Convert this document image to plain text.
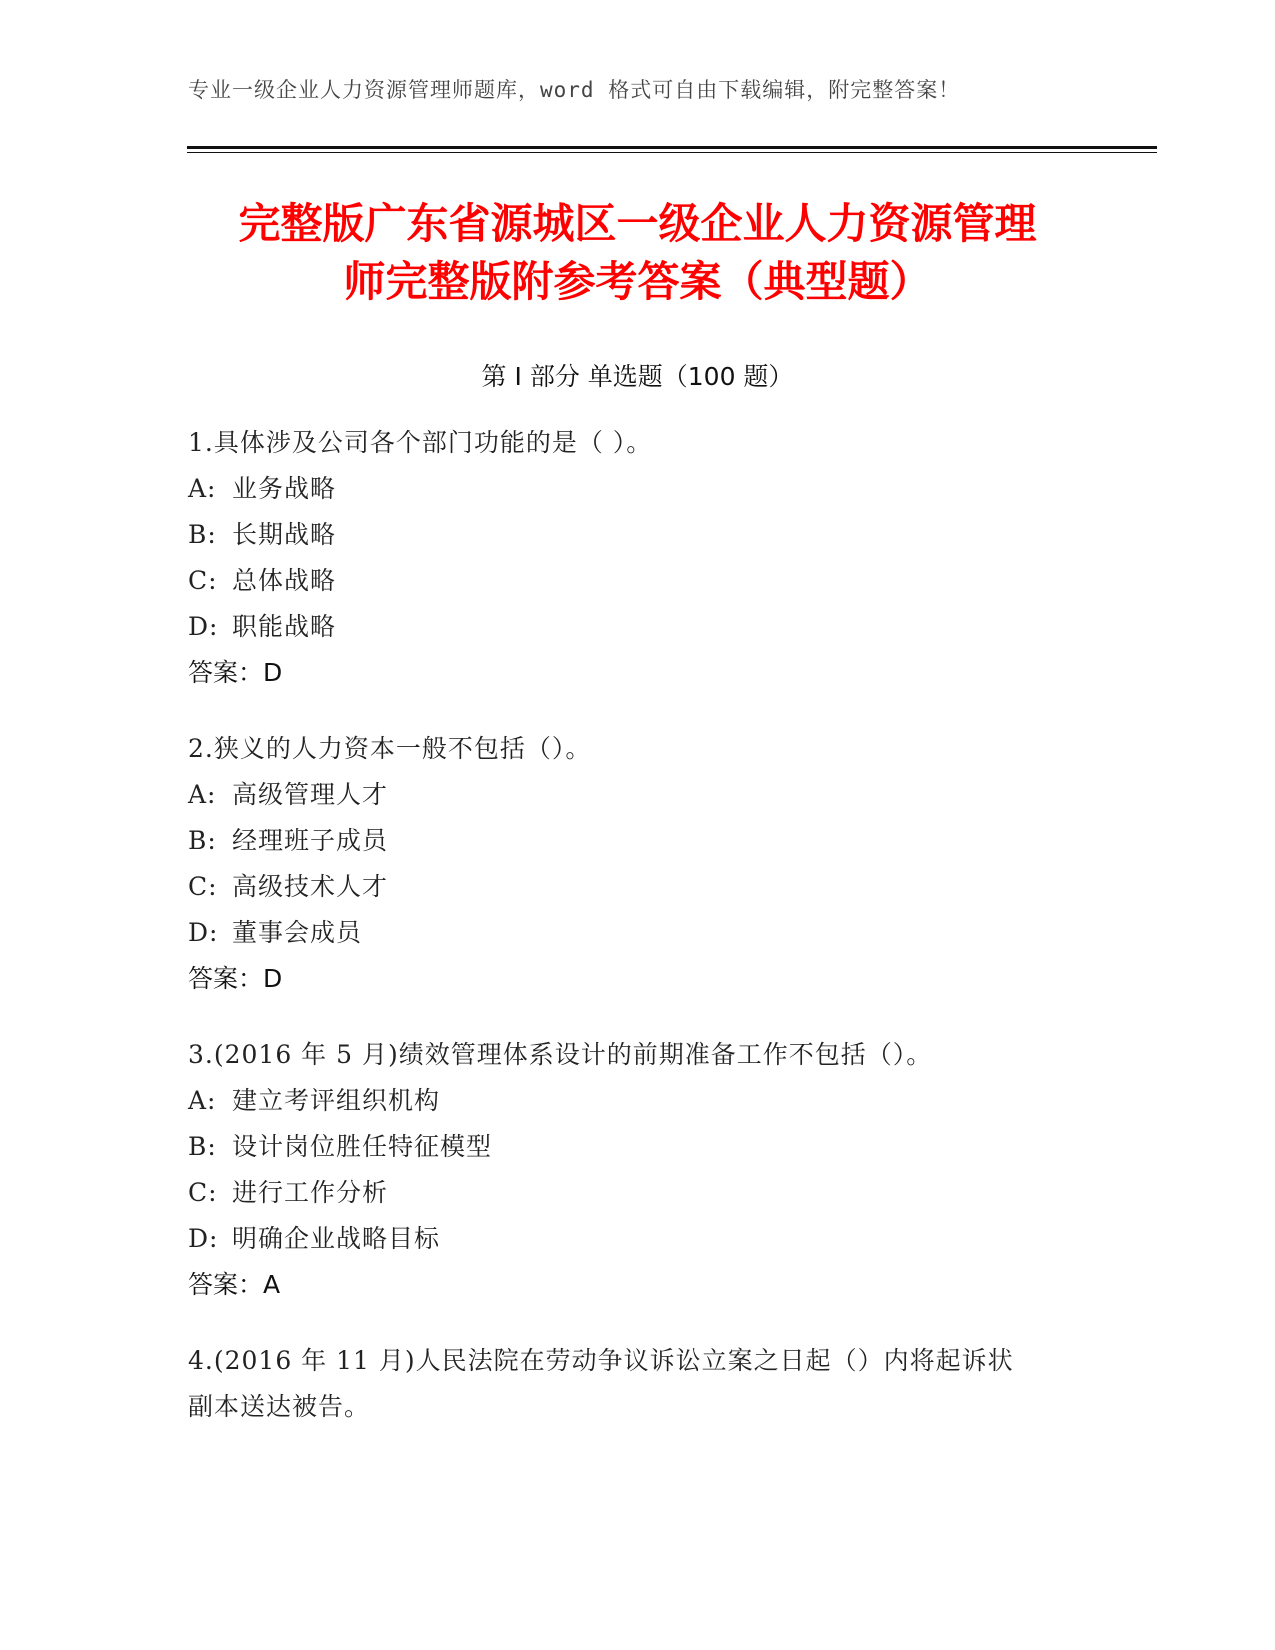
专业一级企业人力资源管理师题库，word 格式可自由下载编辑，附完整答案！
完整版广东省源城区一级企业人力资源管理
师完整版附参考答案（典型题）
第 I 部分 单选题（100 题）
1.具体涉及公司各个部门功能的是（ ）。
A: 业务战略
B: 长期战略
C: 总体战略
D: 职能战略
答案：D
2.狭义的人力资本一般不包括（）。
A: 高级管理人才
B: 经理班子成员
C: 高级技术人才
D: 董事会成员
答案：D
3.(2016 年 5 月)绩效管理体系设计的前期准备工作不包括（）。
A: 建立考评组织机构
B: 设计岗位胜任特征模型
C: 进行工作分析
D: 明确企业战略目标
答案：A
4.(2016 年 11 月)人民法院在劳动争议诉讼立案之日起（）内将起诉状
副本送达被告。
